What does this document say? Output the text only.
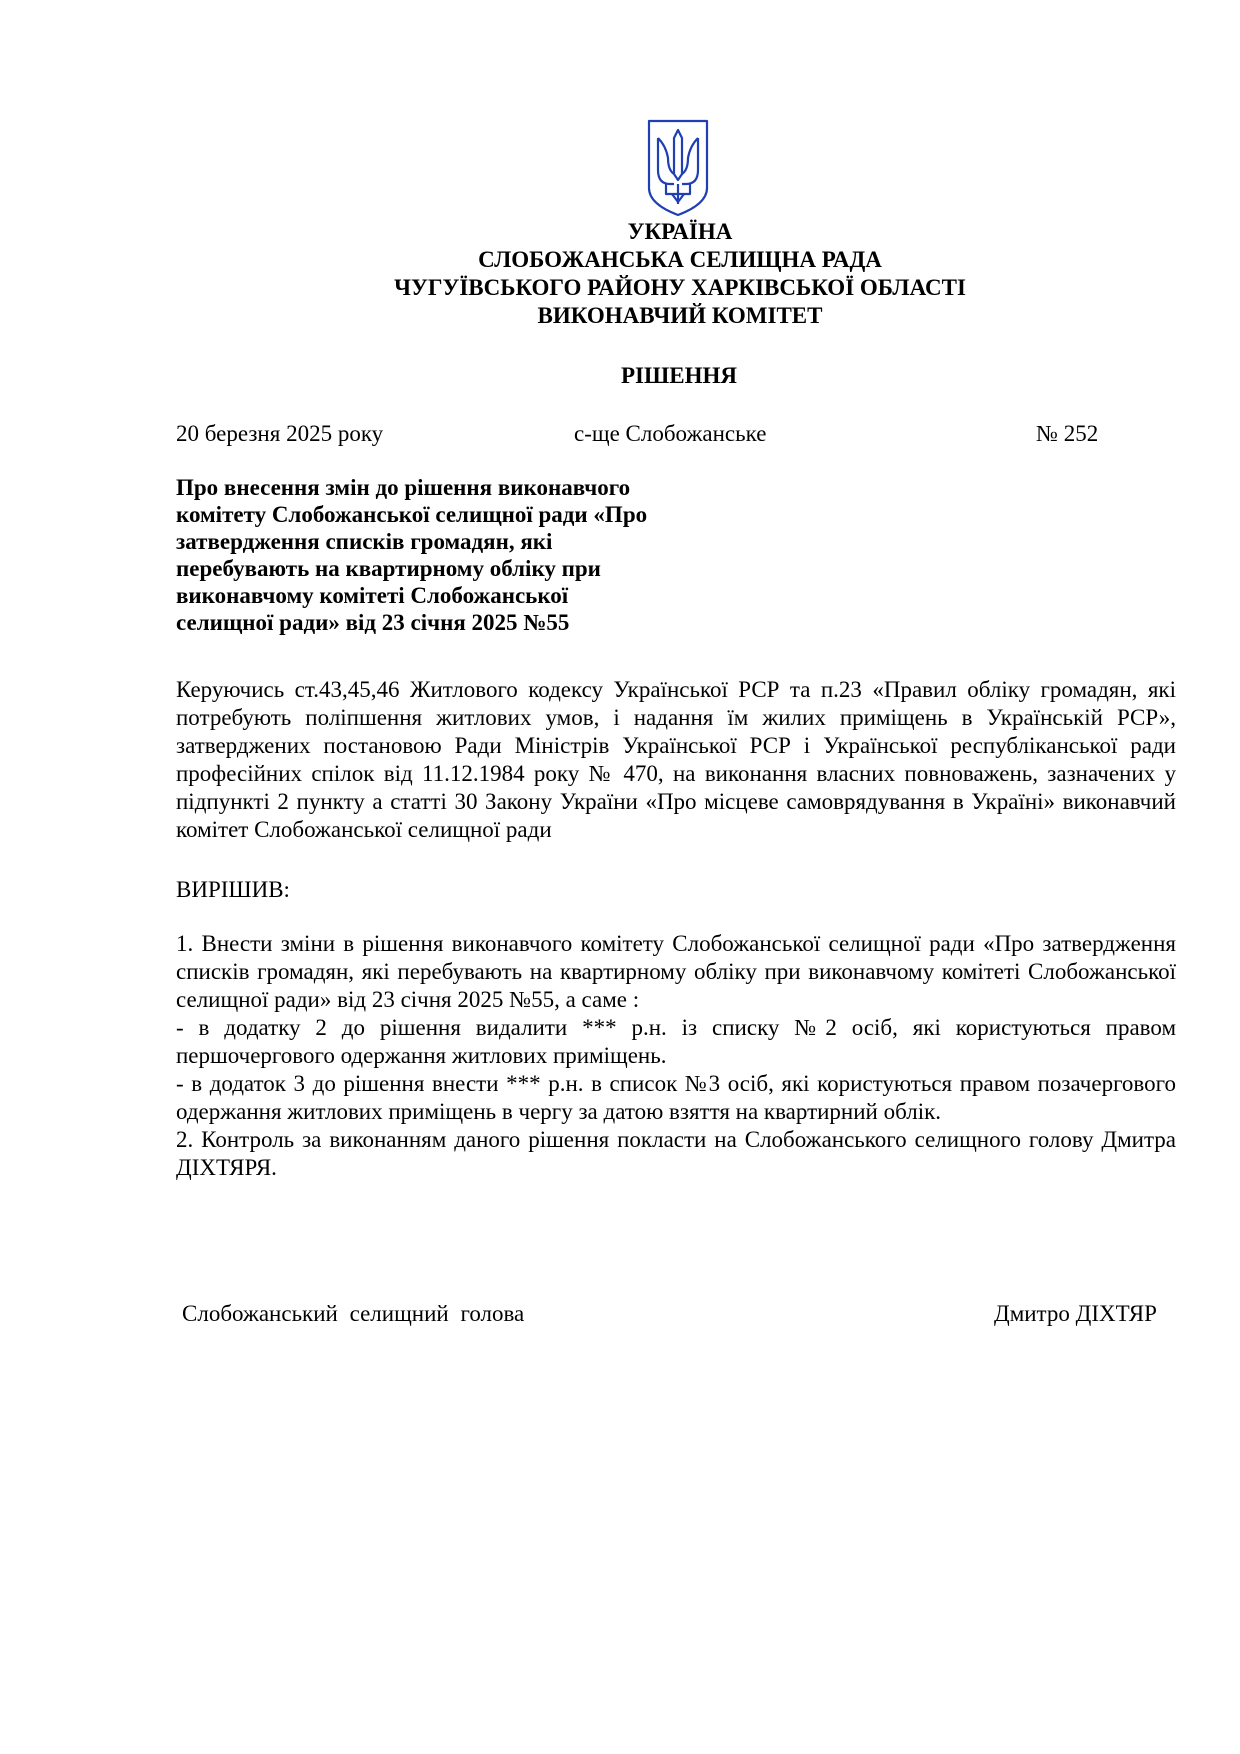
УКРАЇНА
СЛОБОЖАНСЬКА СЕЛИЩНА РАДА
ЧУГУЇВСЬКОГО РАЙОНУ ХАРКІВСЬКОЇ ОБЛАСТІ
ВИКОНАВЧИЙ КОМІТЕТ
РІШЕННЯ
20 березня 2025 року	с-ще Слобожанське	№ 252
Про внесення змін до рішення виконавчого
комітету Слобожанської селищної ради «Про
затвердження списків громадян, які
перебувають на квартирному обліку при
виконавчому комітеті Слобожанської
селищної ради» від 23 січня 2025 №55
Керуючись ст.43,45,46 Житлового кодексу Української РСР та п.23 «Правил обліку громадян, які потребують поліпшення житлових умов, і надання їм жилих приміщень в Українській РСР», затверджених постановою Ради Міністрів Української РСР і Української республіканської ради професійних спілок від 11.12.1984 року № 470, на виконання власних повноважень, зазначених у підпункті 2 пункту а статті 30 Закону України «Про місцеве самоврядування в Україні» виконавчий комітет Слобожанської селищної ради
ВИРІШИВ:

1. Внести зміни в рішення виконавчого комітету Слобожанської селищної ради «Про затвердження списків громадян, які перебувають на квартирному обліку при виконавчому комітеті Слобожанської селищної ради» від 23 січня 2025 №55, а саме :

- в додатку 2 до рішення видалити *** р.н. із списку №2 осіб, які користуються правом першочергового одержання житлових приміщень.

- в додаток 3 до рішення внести *** р.н. в список №3 осіб, які користуються правом позачергового одержання житлових приміщень в чергу за датою взяття на квартирний облік.

2. Контроль за виконанням даного рішення покласти на Слобожанського селищного голову Дмитра ДІХТЯРЯ.

Слобожанський селищний голова	Дмитро ДІХТЯР
